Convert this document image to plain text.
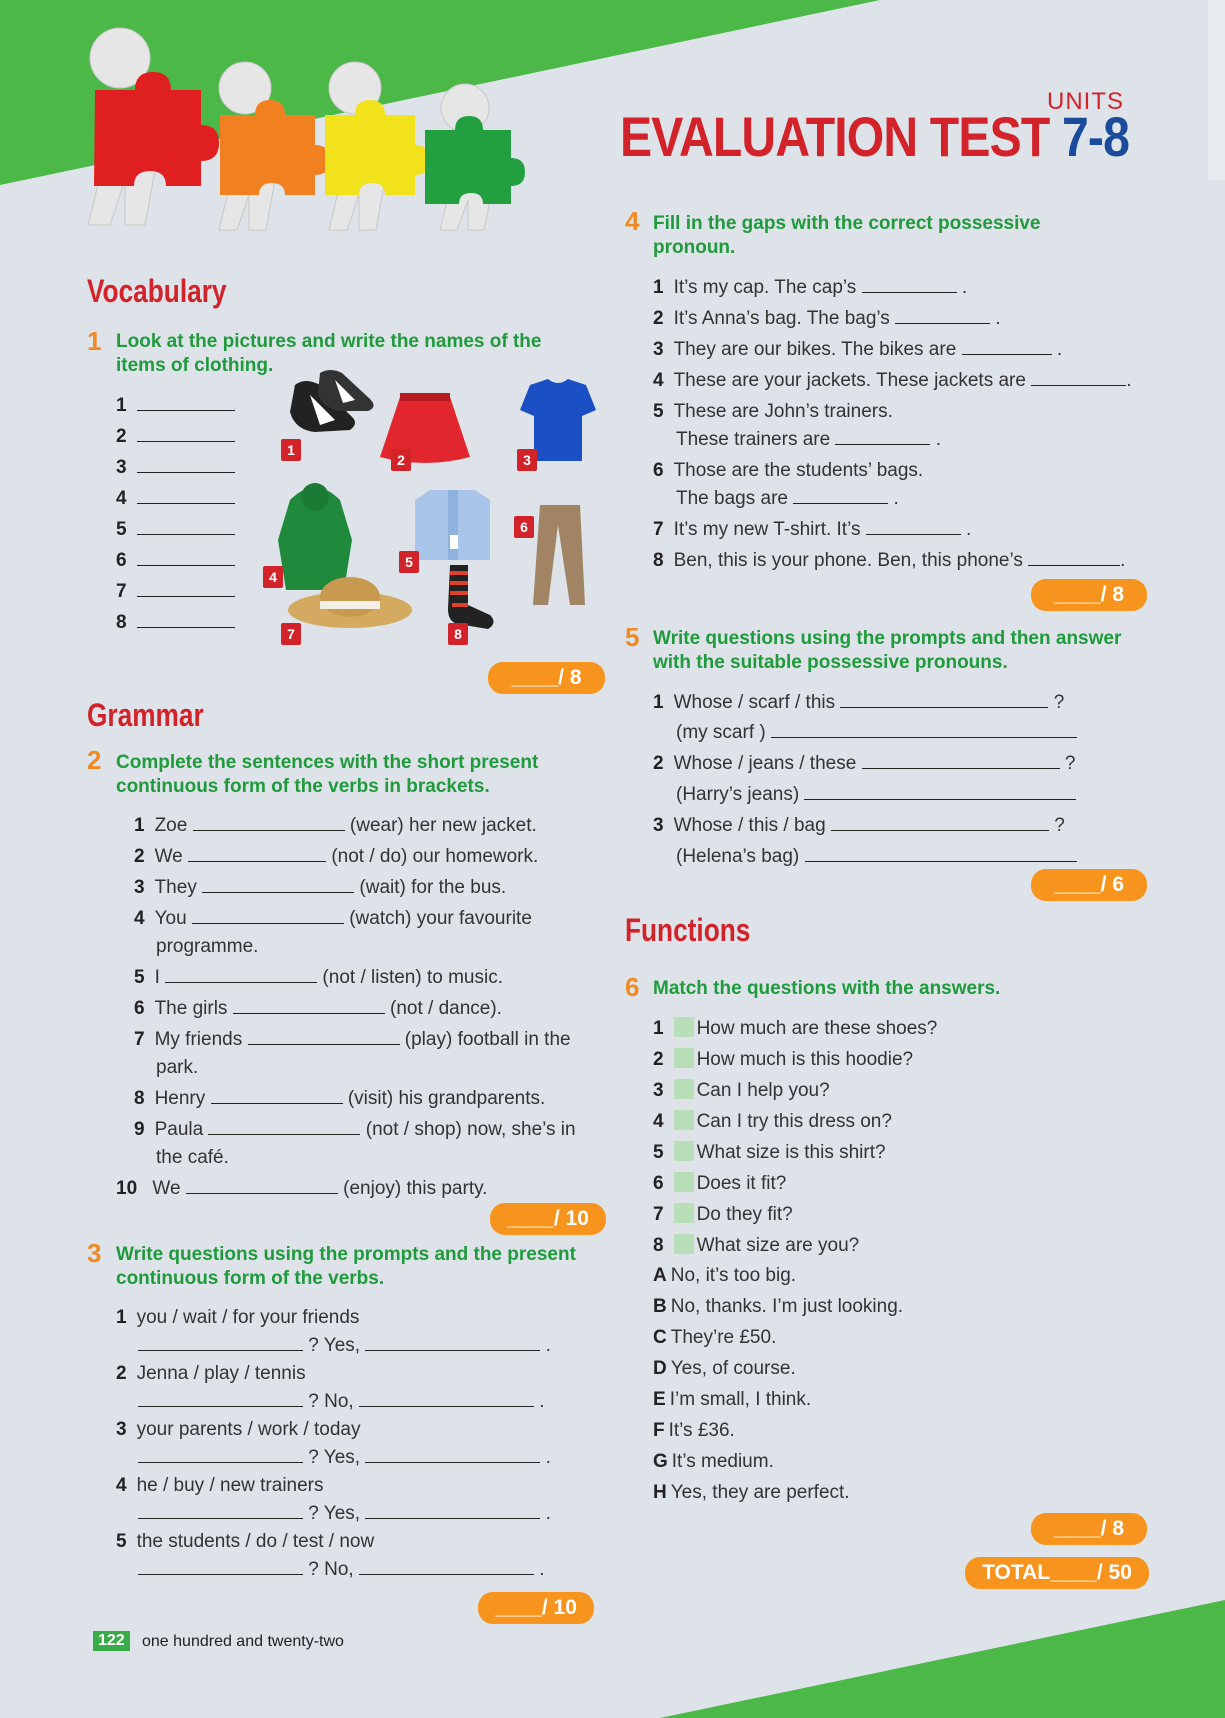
UNITS
EVALUATION TEST 7-8
Vocabulary
1 Look at the pictures and write the names of the items of clothing.
1
2
3
4
5
6
7
8
1
2	3
4
5
6
7	8
____/ 8
Grammar
2 Complete the sentences with the short present continuous form of the verbs in brackets.
1 Zoe	(wear) her new jacket.
2 We	(not / do) our homework.
3 They	(wait) for the bus.
4 You	(watch) your favourite
programme.
5 I	(not / listen) to music.
6 The girls	(not / dance).
7 My friends	(play) football in the
park.
8 Henry	(visit) his grandparents.
9 Paula	(not / shop) now, she’s in
the café.
10 We	(enjoy) this party.
____/ 10
3 Write questions using the prompts and the present continuous form of the verbs.
1 you / wait / for your friends
? Yes,	.
2 Jenna / play / tennis
? No,	.
3 your parents / work / today
? Yes,	.
4 he / buy / new trainers
? Yes,	.
5 the students / do / test / now
? No,	.
____/ 10
122	one hundred and twenty-two
4 Fill in the gaps with the correct possessive pronoun.
1 It’s my cap. The cap’s	.
2 It’s Anna’s bag. The bag’s	.
3 They are our bikes. The bikes are	.
4 These are your jackets. These jackets are	.
5 These are John’s trainers.
These trainers are	.
6 Those are the students’ bags.
The bags are	.
7 It’s my new T-shirt. It’s	.
8 Ben, this is your phone. Ben, this phone’s	.
____/ 8
5 Write questions using the prompts and then answer with the suitable possessive pronouns.
1 Whose / scarf / this	?
(my scarf )
2 Whose / jeans / these	?
(Harry’s jeans)
3 Whose / this / bag	?
(Helena’s bag)
____/ 6
Functions
6 Match the questions with the answers.
1 How much are these shoes?
2 How much is this hoodie?
3 Can I help you?
4 Can I try this dress on?
5 What size is this shirt?
6 Does it fit?
7 Do they fit?
8 What size are you?
A No, it’s too big.
B No, thanks. I’m just looking.
C They’re £50.
D Yes, of course.
E I’m small, I think.
F It’s £36.
G It’s medium.
H Yes, they are perfect.
____/ 8
TOTAL____/ 50
